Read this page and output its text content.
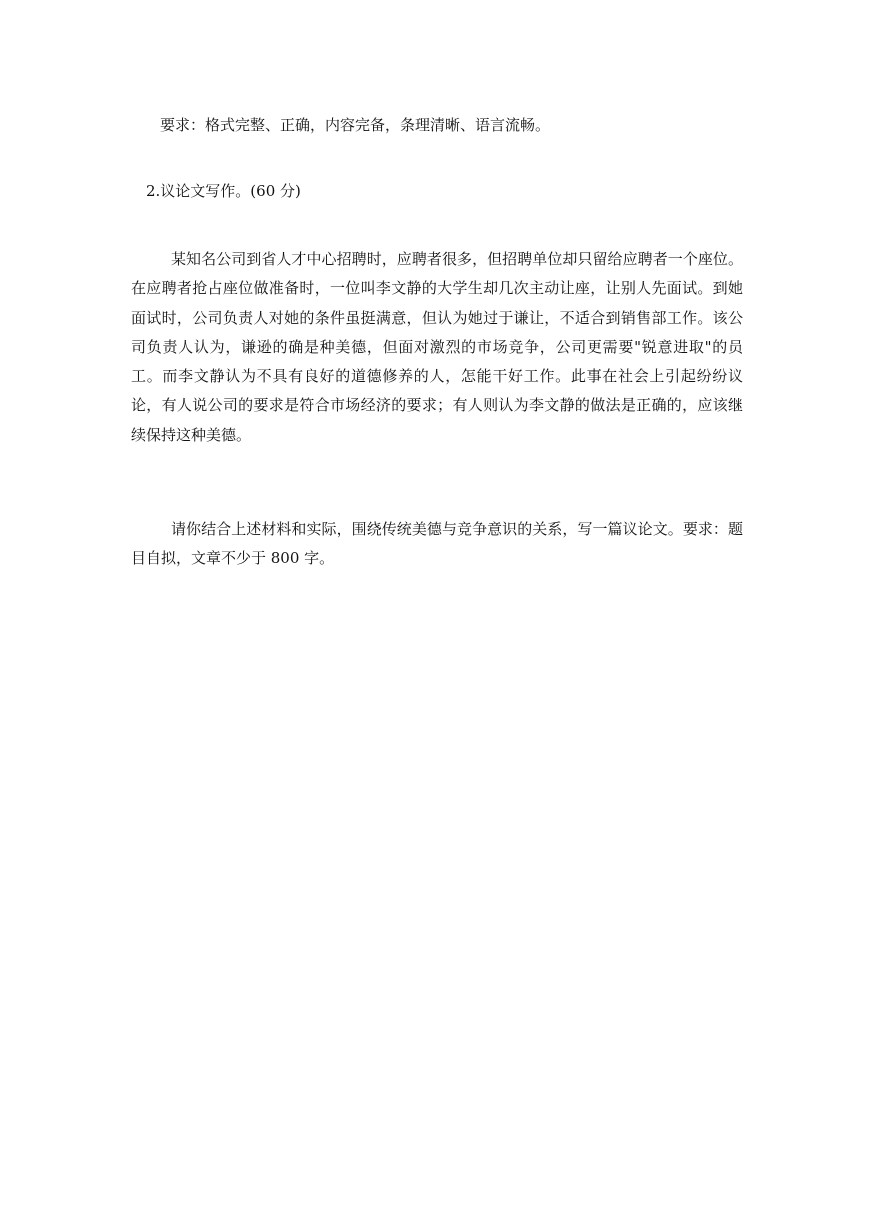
要求：格式完整、正确，内容完备，条理清晰、语言流畅。

2.议论文写作。(60 分)

某知名公司到省人才中心招聘时，应聘者很多，但招聘单位却只留给应聘者一个座位。在应聘者抢占座位做准备时，一位叫李文静的大学生却几次主动让座，让别人先面试。到她面试时，公司负责人对她的条件虽挺满意，但认为她过于谦让，不适合到销售部工作。该公司负责人认为，谦逊的确是种美德，但面对激烈的市场竞争，公司更需要"锐意进取"的员工。而李文静认为不具有良好的道德修养的人，怎能干好工作。此事在社会上引起纷纷议论，有人说公司的要求是符合市场经济的要求；有人则认为李文静的做法是正确的，应该继续保持这种美德。

请你结合上述材料和实际，围绕传统美德与竞争意识的关系，写一篇议论文。要求：题目自拟，文章不少于 800 字。
